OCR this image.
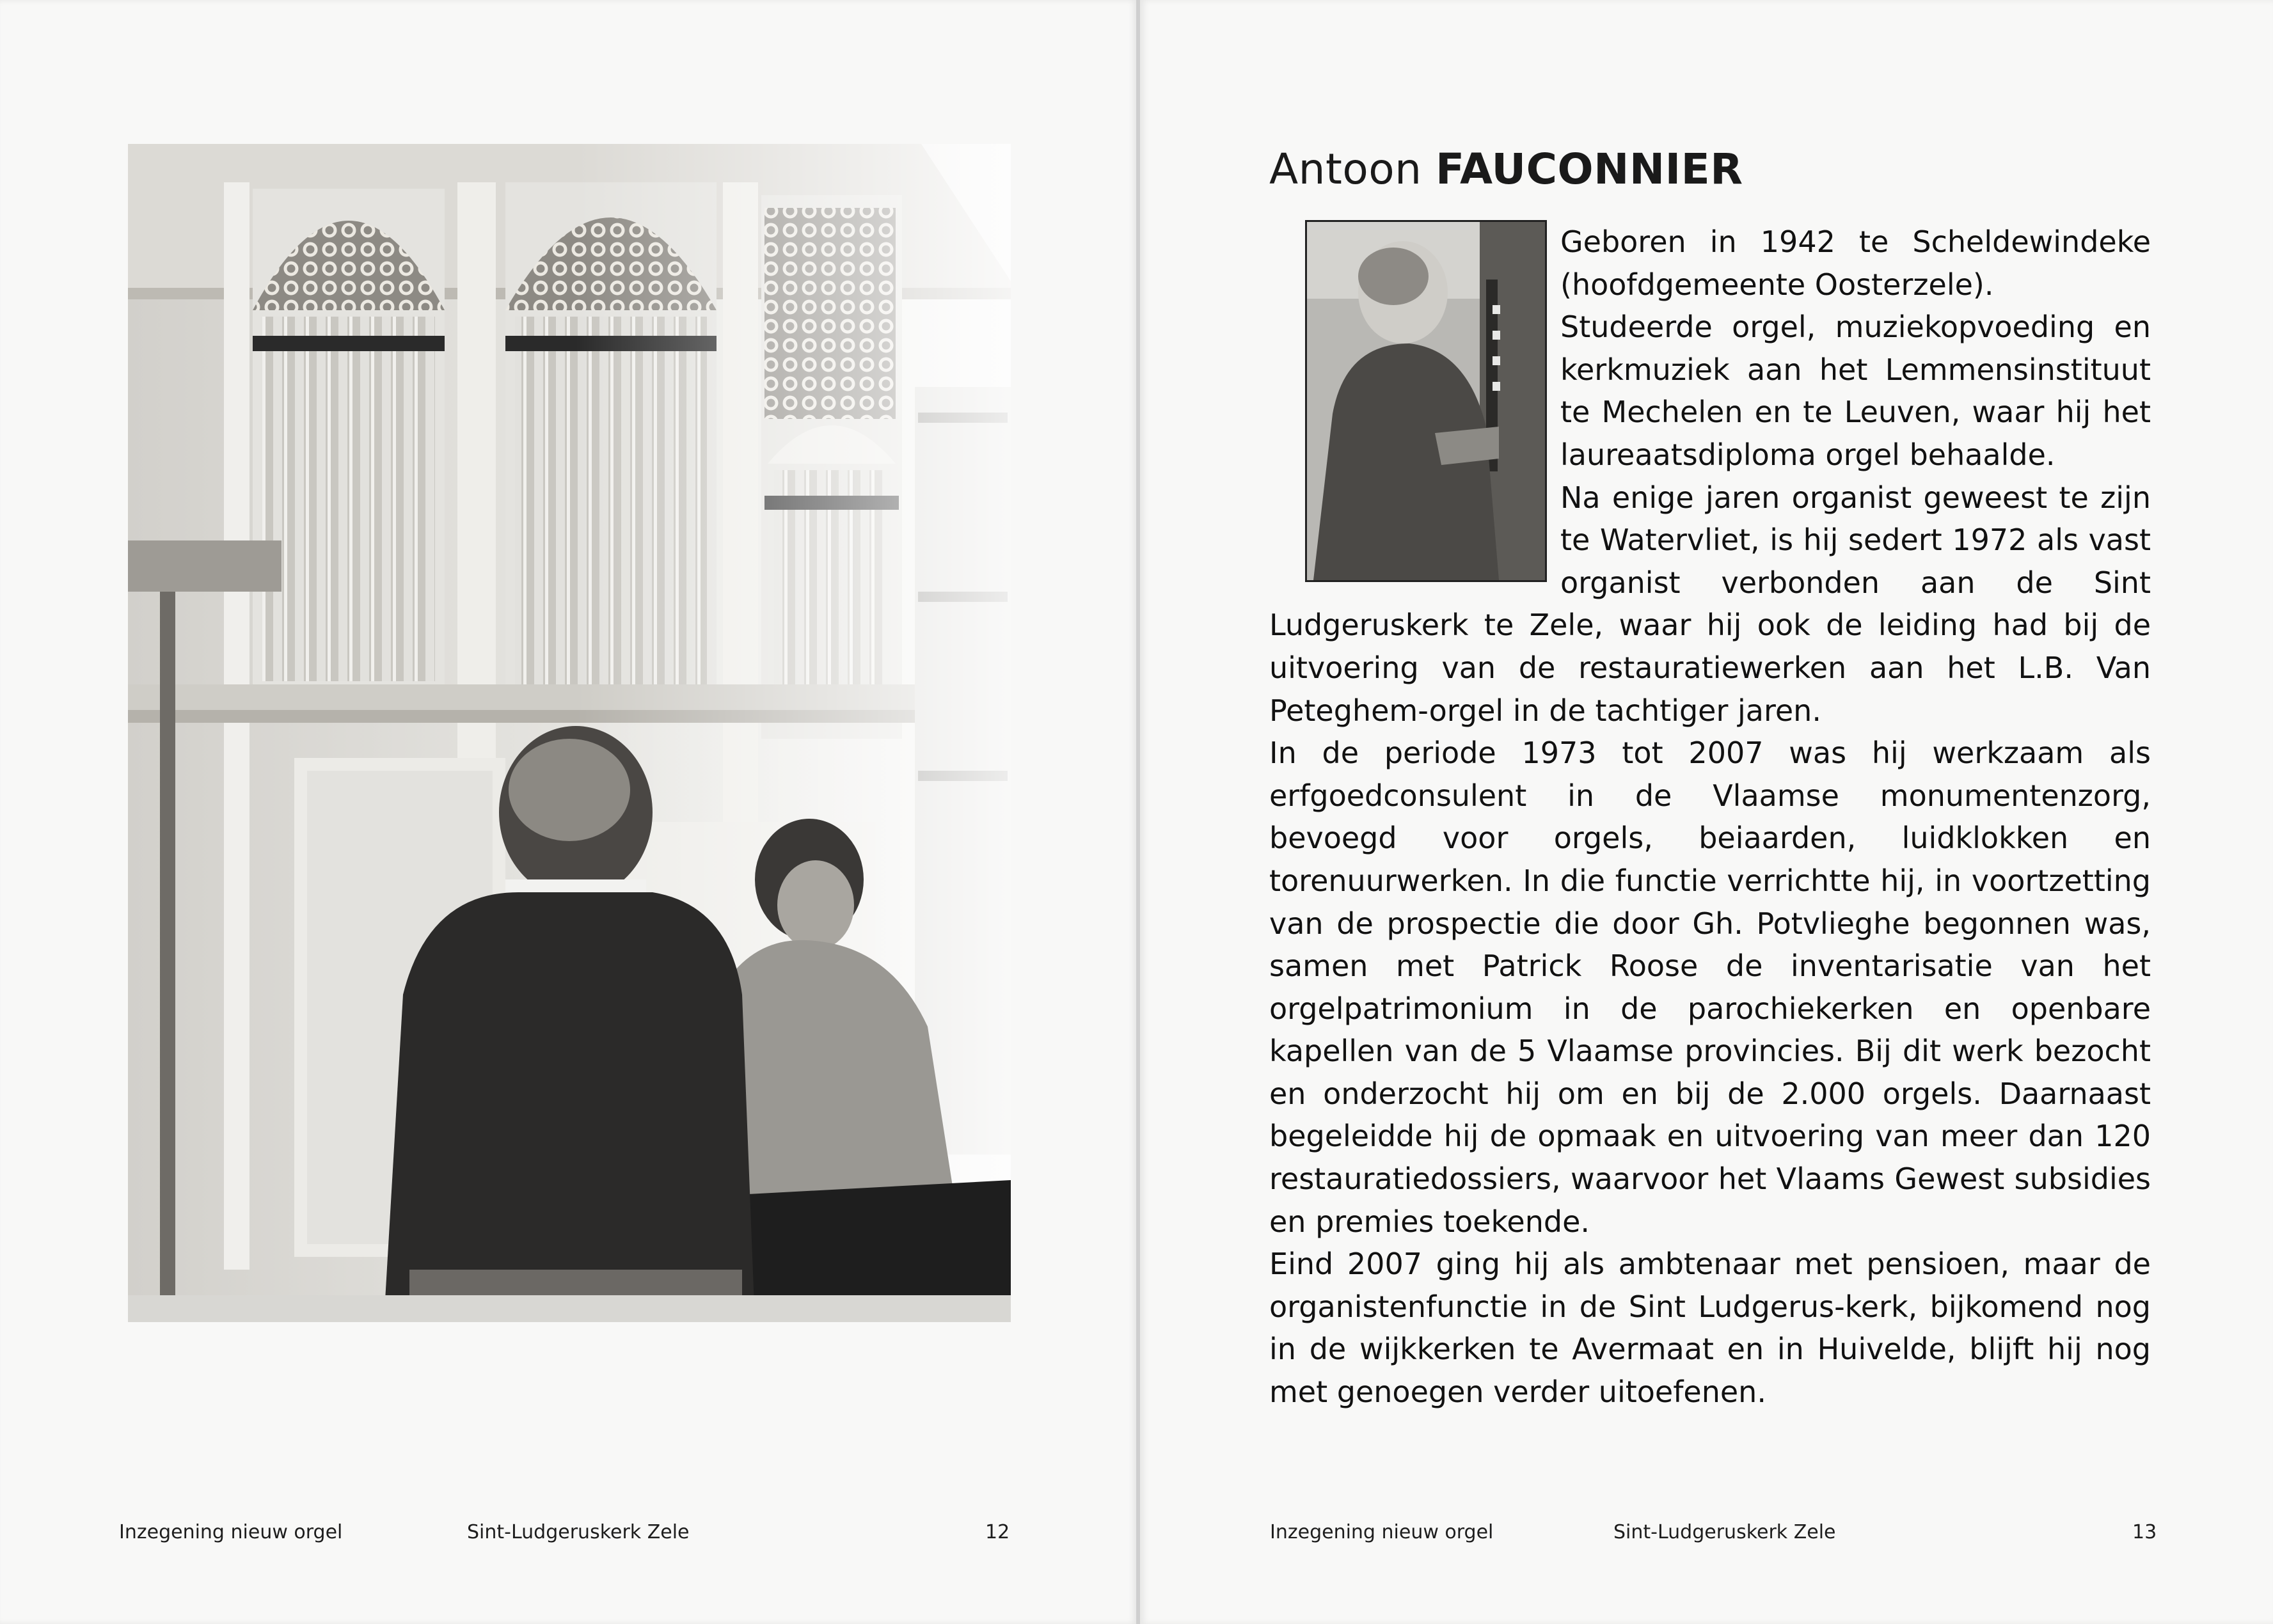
Inzegening nieuw orgel	Sint-Ludgeruskerk Zele	12
Antoon FAUCONNIER

Geboren in 1942 te Scheldewindeke (hoofdgemeente Oosterzele).

Studeerde orgel, muziekopvoeding en kerkmuziek aan het Lemmensinstituut te Mechelen en te Leuven, waar hij het laureaatsdiploma orgel behaalde.

Na enige jaren organist geweest te zijn te Watervliet, is hij sedert 1972 als vast organist verbonden aan de Sint Ludgeruskerk te Zele, waar hij ook de leiding had bij de uitvoering van de restauratiewerken aan het L.B. Van Peteghem-orgel in de tachtiger jaren.

In de periode 1973 tot 2007 was hij werkzaam als erfgoedconsulent in de Vlaamse monumentenzorg, bevoegd voor orgels, beiaarden, luidklokken en torenuurwerken. In die functie verrichtte hij, in voortzetting van de prospectie die door Gh. Potvlieghe begonnen was, samen met Patrick Roose de inventarisatie van het orgelpatrimonium in de parochiekerken en openbare kapellen van de 5 Vlaamse provincies. Bij dit werk bezocht en onderzocht hij om en bij de 2.000 orgels. Daarnaast begeleidde hij de opmaak en uitvoering van meer dan 120 restauratiedossiers, waarvoor het Vlaams Gewest subsidies en premies toekende.

Eind 2007 ging hij als ambtenaar met pensioen, maar de organistenfunctie in de Sint Ludgerus-kerk, bijkomend nog in de wijkkerken te Avermaat en in Huivelde, blijft hij nog met genoegen verder uitoefenen.

Inzegening nieuw orgel	Sint-Ludgeruskerk Zele	13
